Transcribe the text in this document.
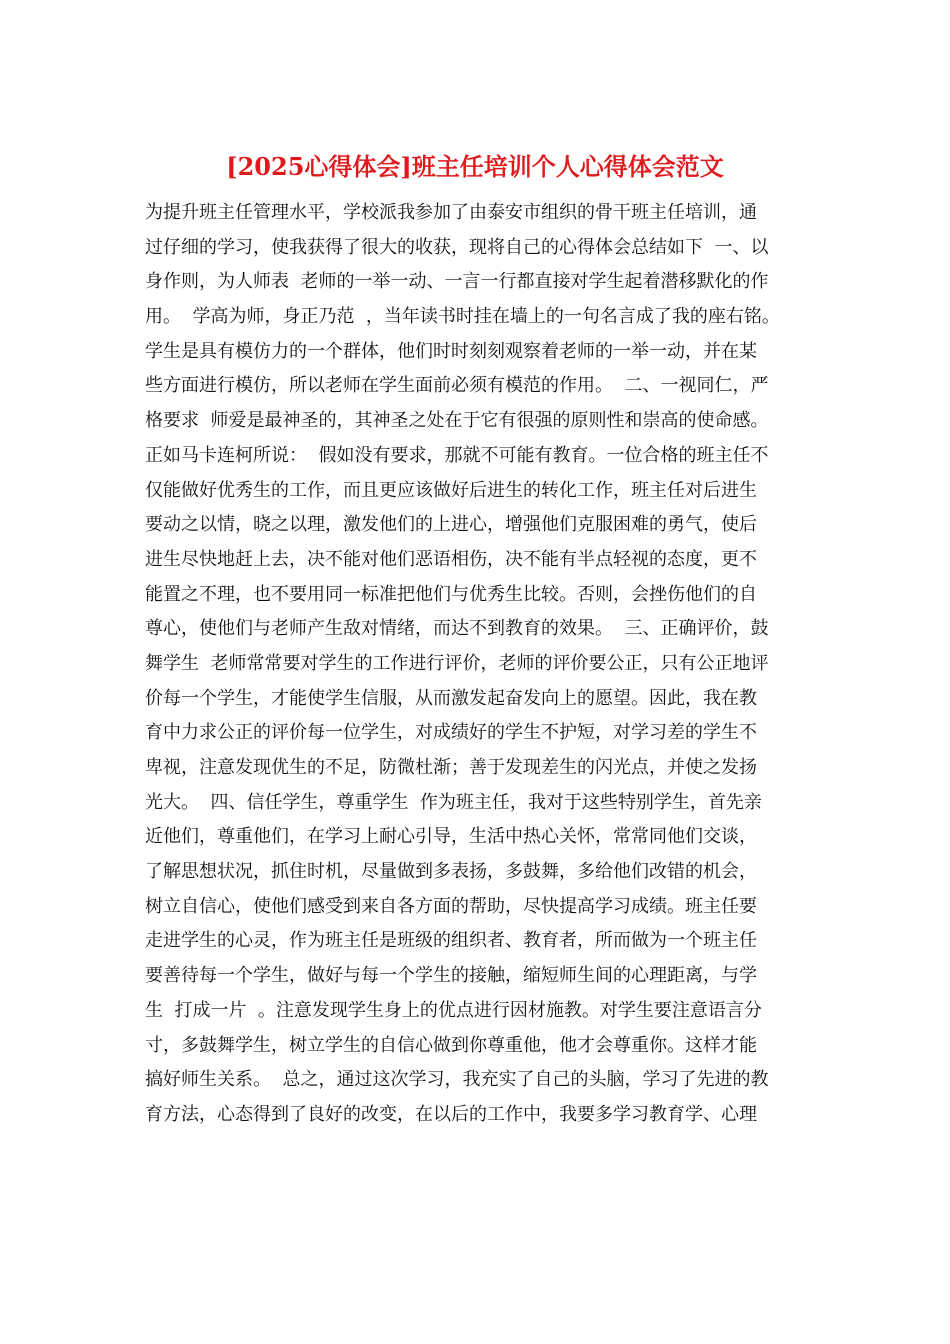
[2025心得体会]班主任培训个人心得体会范文
为提升班主任管理水平，学校派我参加了由泰安市组织的骨干班主任培训，通
过仔细的学习，使我获得了很大的收获，现将自己的心得体会总结如下  一、以
身作则，为人师表  老师的一举一动、一言一行都直接对学生起着潜移默化的作
用。  学高为师，身正乃范  ，当年读书时挂在墙上的一句名言成了我的座右铭。
学生是具有模仿力的一个群体，他们时时刻刻观察着老师的一举一动，并在某
些方面进行模仿，所以老师在学生面前必须有模范的作用。  二、一视同仁，严
格要求  师爱是最神圣的，其神圣之处在于它有很强的原则性和崇高的使命感。
正如马卡连柯所说：  假如没有要求，那就不可能有教育。一位合格的班主任不
仅能做好优秀生的工作，而且更应该做好后进生的转化工作，班主任对后进生
要动之以情，晓之以理，激发他们的上进心，增强他们克服困难的勇气，使后
进生尽快地赶上去，决不能对他们恶语相伤，决不能有半点轻视的态度，更不
能置之不理，也不要用同一标准把他们与优秀生比较。否则，会挫伤他们的自
尊心，使他们与老师产生敌对情绪，而达不到教育的效果。  三、正确评价，鼓
舞学生  老师常常要对学生的工作进行评价，老师的评价要公正，只有公正地评
价每一个学生，才能使学生信服，从而激发起奋发向上的愿望。因此，我在教
育中力求公正的评价每一位学生，对成绩好的学生不护短，对学习差的学生不
卑视，注意发现优生的不足，防微杜渐；善于发现差生的闪光点，并使之发扬
光大。  四、信任学生，尊重学生  作为班主任，我对于这些特别学生，首先亲
近他们，尊重他们，在学习上耐心引导，生活中热心关怀，常常同他们交谈，
了解思想状况，抓住时机，尽量做到多表扬，多鼓舞，多给他们改错的机会，
树立自信心，使他们感受到来自各方面的帮助，尽快提高学习成绩。班主任要
走进学生的心灵，作为班主任是班级的组织者、教育者，所而做为一个班主任
要善待每一个学生，做好与每一个学生的接触，缩短师生间的心理距离，与学
生  打成一片  。注意发现学生身上的优点进行因材施教。对学生要注意语言分
寸，多鼓舞学生，树立学生的自信心做到你尊重他，他才会尊重你。这样才能
搞好师生关系。  总之，通过这次学习，我充实了自己的头脑，学习了先进的教
育方法，心态得到了良好的改变，在以后的工作中，我要多学习教育学、心理
